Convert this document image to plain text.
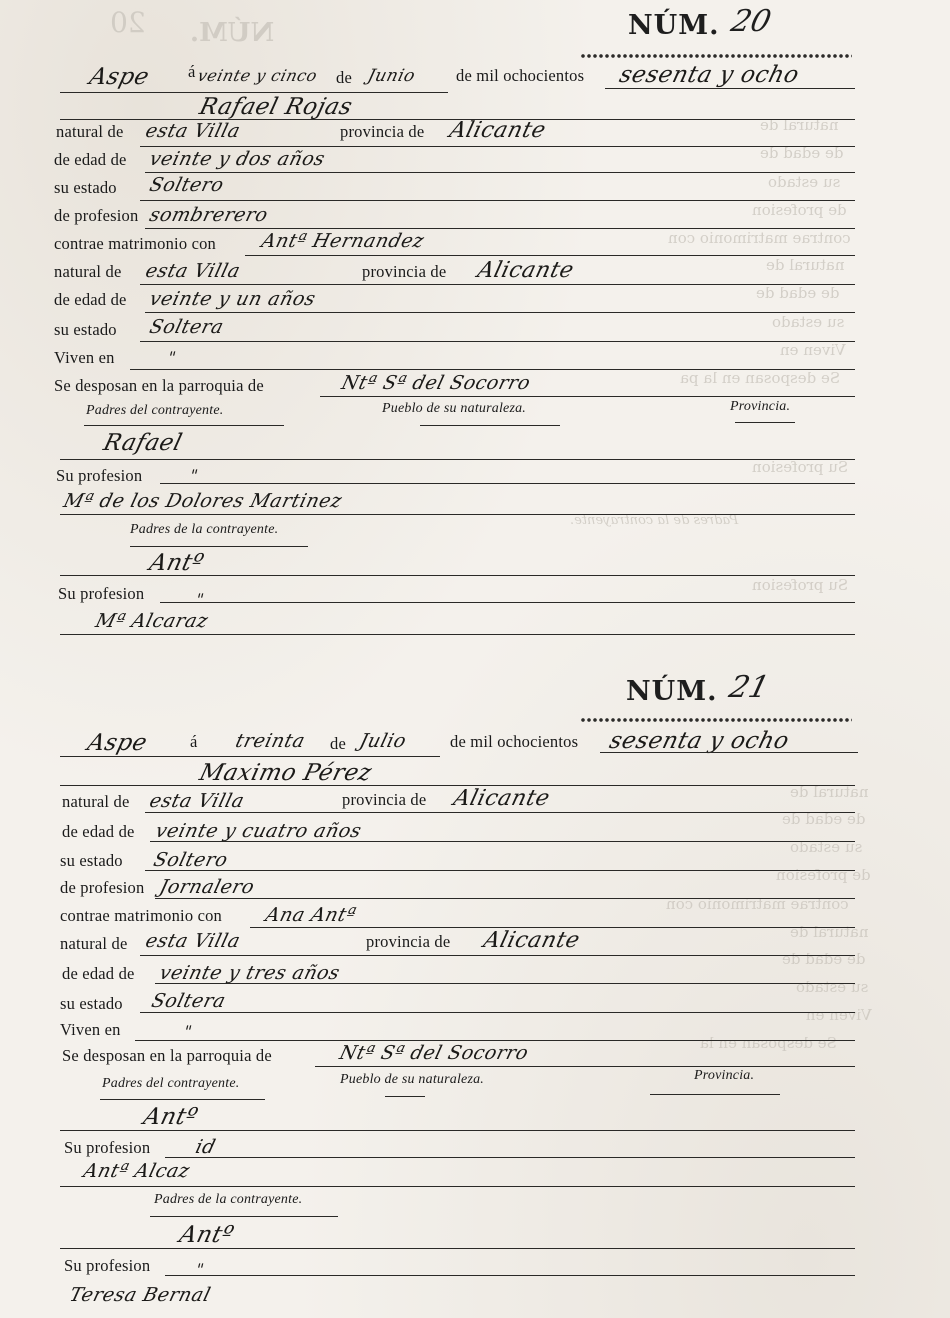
NÚM.
20
natural de
de edad de
su estado
de profesion
contrae matrimonio con
natural de
de edad de
su estado
Viven en
Se desposan en la pa
Su profesion
Padres de la contrayente.
Su profesion
natural de
de edad de
su estado
de profesion
contrae matrimonio con
natural de
de edad de
su estado
Viven en
Se desposan en la
NÚM. 20
Aspe á veinte y cinco de Junio de mil ochocientos sesenta y ocho
Rafael Rojas
natural de esta Villa	provincia de Alicante
de edad de veinte y dos años
su estado Soltero
de profesion sombrerero
contrae matrimonio con Antª Hernandez
natural de esta Villa	provincia de Alicante
de edad de veinte y un años
su estado Soltera
Viven en	"
Se desposan en la parroquia de	Ntª Sª del Socorro
Padres del contrayente.	Pueblo de su naturaleza.	Provincia.
Rafael
Su profesion	"
Mª de los Dolores Martinez
Padres de la contrayente.
Antº
Su profesion	"
Mª Alcaraz
NÚM. 21
Aspe á treinta de Julio	de mil ochocientos sesenta y ocho
Maximo Pérez
natural de esta Villa	provincia de Alicante
de edad de veinte y cuatro años
su estado Soltero
de profesion Jornalero
contrae matrimonio con Ana Antª
natural de esta Villa	provincia de Alicante
de edad de veinte y tres años
su estado Soltera
Viven en	"
Se desposan en la parroquia de	Ntª Sª del Socorro
Padres del contrayente.	Pueblo de su naturaleza.	Provincia.
Antº
Su profesion id
Antª Alcaz
Padres de la contrayente.
Antº
Su profesion	"
Teresa Bernal
